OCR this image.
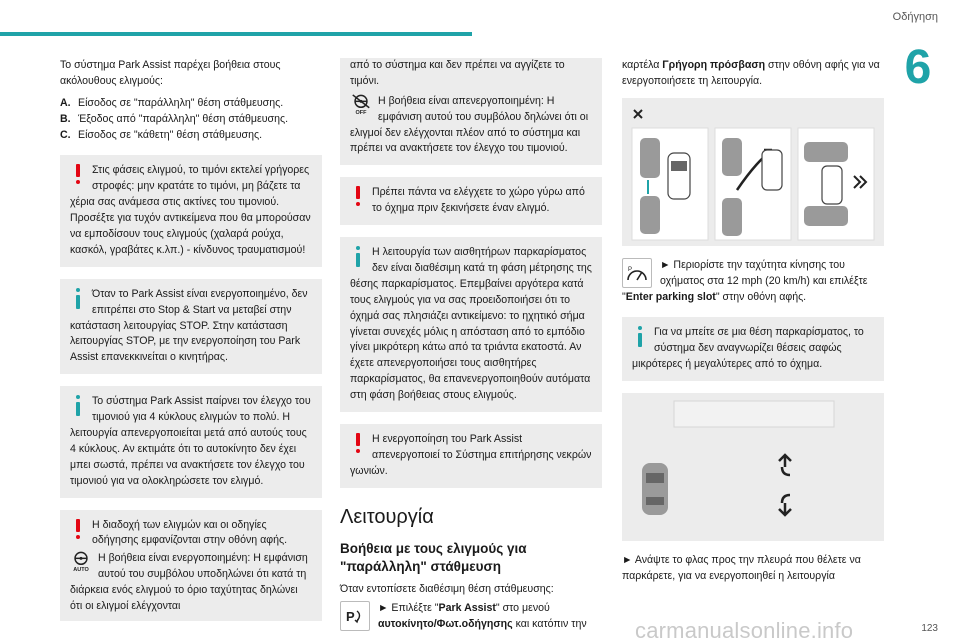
Οδήγηση
6
123

Το σύστημα Park Assist παρέχει βοήθεια στους ακόλουθους ελιγμούς:

A. Είσοδος σε "παράλληλη" θέση στάθμευσης.
B. Έξοδος από "παράλληλη" θέση στάθμευσης.
C. Είσοδος σε "κάθετη" θέση στάθμευσης.
Στις φάσεις ελιγμού, το τιμόνι εκτελεί γρήγορες στροφές: μην κρατάτε το τιμόνι, μη βάζετε τα χέρια σας ανάμεσα στις ακτίνες του τιμονιού. Προσέξτε για τυχόν αντικείμενα που θα μπορούσαν να εμποδίσουν τους ελιγμούς (χαλαρά ρούχα, κασκόλ, γραβάτες κ.λπ.) - κίνδυνος τραυματισμού!
Όταν το Park Assist είναι ενεργοποιημένο, δεν επιτρέπει στο Stop & Start να μεταβεί στην κατάσταση λειτουργίας STOP. Στην κατάσταση λειτουργίας STOP, με την ενεργοποίηση του Park Assist επανεκκινείται ο κινητήρας.
Το σύστημα Park Assist παίρνει τον έλεγχο του τιμονιού για 4 κύκλους ελιγμών το πολύ. Η λειτουργία απενεργοποιείται μετά από αυτούς τους 4 κύκλους. Αν εκτιμάτε ότι το αυτοκίνητο δεν έχει μπει σωστά, πρέπει να ανακτήσετε τον έλεγχο του τιμονιού για να ολοκληρώσετε τον ελιγμό.
Η διαδοχή των ελιγμών και οι οδηγίες οδήγησης εμφανίζονται στην οθόνη αφής.
AUTO
Η βοήθεια είναι ενεργοποιημένη: Η εμφάνιση αυτού του συμβόλου υποδηλώνει ότι κατά τη διάρκεια ενός ελιγμού το όριο ταχύτητας δηλώνει ότι οι ελιγμοί ελέγχονται
από το σύστημα και δεν πρέπει να αγγίζετε το τιμόνι.
OFF
Η βοήθεια είναι απενεργοποιημένη: Η εμφάνιση αυτού του συμβόλου δηλώνει ότι οι ελιγμοί δεν ελέγχονται πλέον από το σύστημα και πρέπει να ανακτήσετε τον έλεγχο του τιμονιού.
Πρέπει πάντα να ελέγχετε το χώρο γύρω από το όχημα πριν ξεκινήσετε έναν ελιγμό.
Η λειτουργία των αισθητήρων παρκαρίσματος δεν είναι διαθέσιμη κατά τη φάση μέτρησης της θέσης παρκαρίσματος. Επεμβαίνει αργότερα κατά τους ελιγμούς για να σας προειδοποιήσει ότι το όχημά σας πλησιάζει αντικείμενο: το ηχητικό σήμα γίνεται συνεχές μόλις η απόσταση από το εμπόδιο γίνει μικρότερη κάτω από τα τριάντα εκατοστά. Αν έχετε απενεργοποιήσει τους αισθητήρες παρκαρίσματος, θα επανενεργοποιηθούν αυτόματα στη φάση βοήθειας στους ελιγμούς.
Η ενεργοποίηση του Park Assist απενεργοποιεί το Σύστημα επιτήρησης νεκρών γωνιών.
Λειτουργία
Βοήθεια με τους ελιγμούς για "παράλληλη" στάθμευση

Όταν εντοπίσετε διαθέσιμη θέση στάθμευσης:

P
► Επιλέξτε "Park Assist" στο μενού αυτοκίνητο/Φωτ.οδήγησης και κατόπιν την

καρτέλα Γρήγορη πρόσβαση στην οθόνη αφής για να ενεργοποιήσετε τη λειτουργία.

P	► Περιορίστε την ταχύτητα κίνησης του οχήματος στα 12 mph (20 km/h) και επιλέξτε "Enter parking slot" στην οθόνη αφής.
Για να μπείτε σε μια θέση παρκαρίσματος, το σύστημα δεν αναγνωρίζει θέσεις σαφώς μικρότερες ή μεγαλύτερες από το όχημα.

► Ανάψτε το φλας προς την πλευρά που θέλετε να παρκάρετε, για να ενεργοποιηθεί η λειτουργία

carmanualsonline.info
